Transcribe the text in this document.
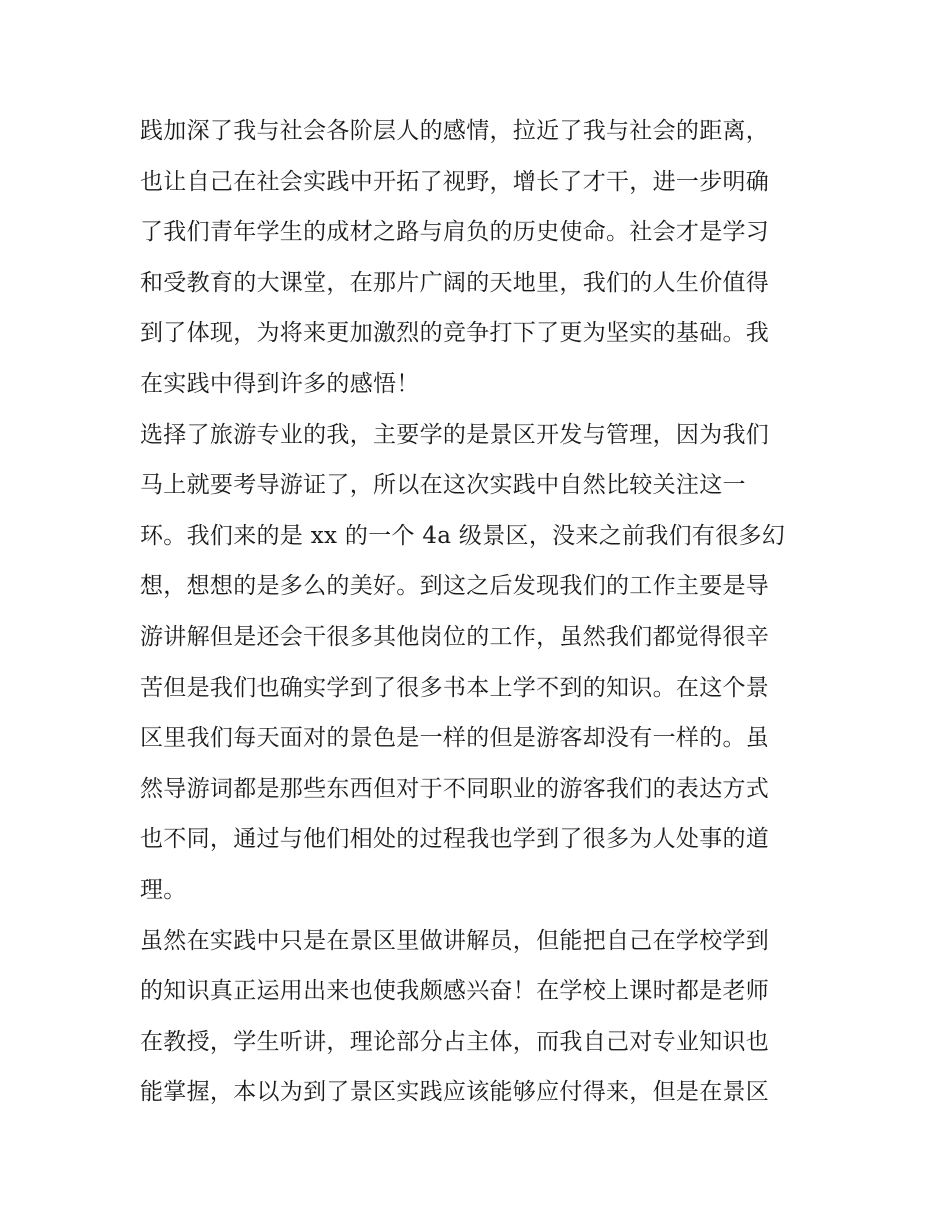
践加深了我与社会各阶层人的感情，拉近了我与社会的距离，
也让自己在社会实践中开拓了视野，增长了才干，进一步明确
了我们青年学生的成材之路与肩负的历史使命。社会才是学习
和受教育的大课堂，在那片广阔的天地里，我们的人生价值得
到了体现，为将来更加激烈的竞争打下了更为坚实的基础。我
在实践中得到许多的感悟！
选择了旅游专业的我，主要学的是景区开发与管理，因为我们
马上就要考导游证了，所以在这次实践中自然比较关注这一
环。我们来的是 xx 的一个 4a 级景区，没来之前我们有很多幻
想，想想的是多么的美好。到这之后发现我们的工作主要是导
游讲解但是还会干很多其他岗位的工作，虽然我们都觉得很辛
苦但是我们也确实学到了很多书本上学不到的知识。在这个景
区里我们每天面对的景色是一样的但是游客却没有一样的。虽
然导游词都是那些东西但对于不同职业的游客我们的表达方式
也不同，通过与他们相处的过程我也学到了很多为人处事的道
理。
虽然在实践中只是在景区里做讲解员，但能把自己在学校学到
的知识真正运用出来也使我颇感兴奋！在学校上课时都是老师
在教授，学生听讲，理论部分占主体，而我自己对专业知识也
能掌握，本以为到了景区实践应该能够应付得来，但是在景区
